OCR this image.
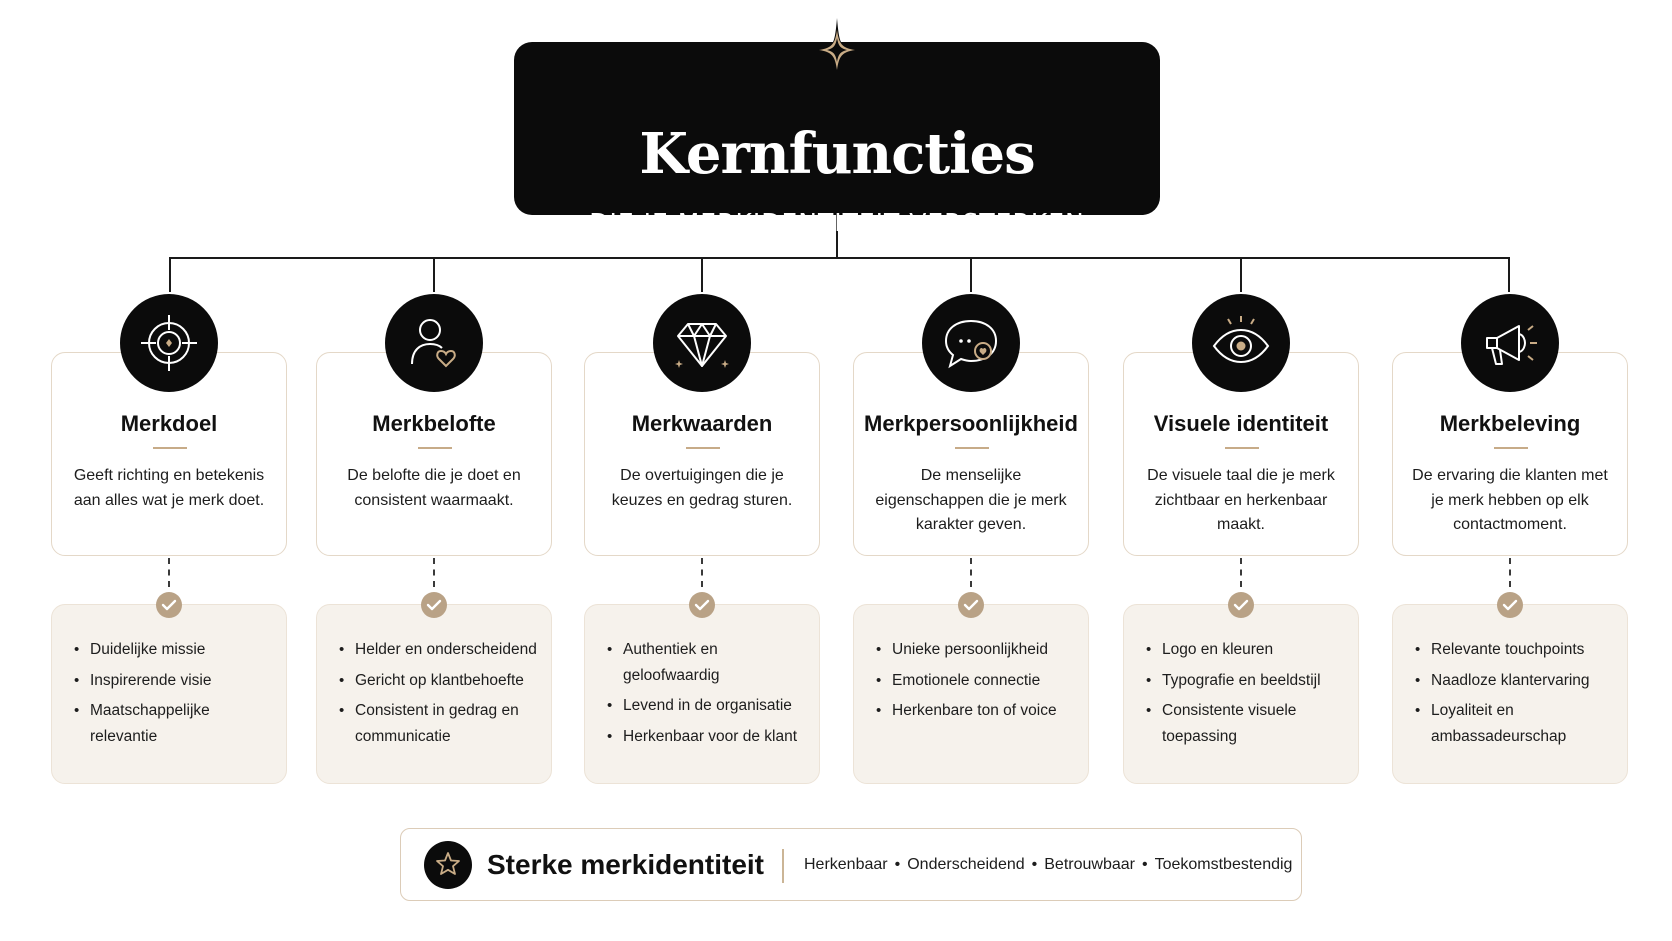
Kernfuncties
DIE JE MERKIDENTITEIT VERSTERKEN
Merkdoel
Geeft richting en betekenis aan alles wat je merk doet.
• Duidelijke missie
• Inspirerende visie
• Maatschappelijke relevantie
Merkbelofte
De belofte die je doet en consistent waarmaakt.
• Helder en onderscheidend
• Gericht op klantbehoefte
• Consistent in gedrag en communicatie
Merkwaarden
De overtuigingen die je keuzes en gedrag sturen.
• Authentiek en geloofwaardig
• Levend in de organisatie
• Herkenbaar voor de klant
Merkpersoonlijkheid
De menselijke eigenschappen die je merk karakter geven.
• Unieke persoonlijkheid
• Emotionele connectie
• Herkenbare ton of voice
Visuele identiteit
De visuele taal die je merk zichtbaar en herkenbaar maakt.
• Logo en kleuren
• Typografie en beeldstijl
• Consistente visuele toepassing
Merkbeleving
De ervaring die klanten met je merk hebben op elk contactmoment.
• Relevante touchpoints
• Naadloze klantervaring
• Loyaliteit en ambassadeurschap
Sterke merkidentiteit	Herkenbaar • Onderscheidend • Betrouwbaar • Toekomstbestendig
